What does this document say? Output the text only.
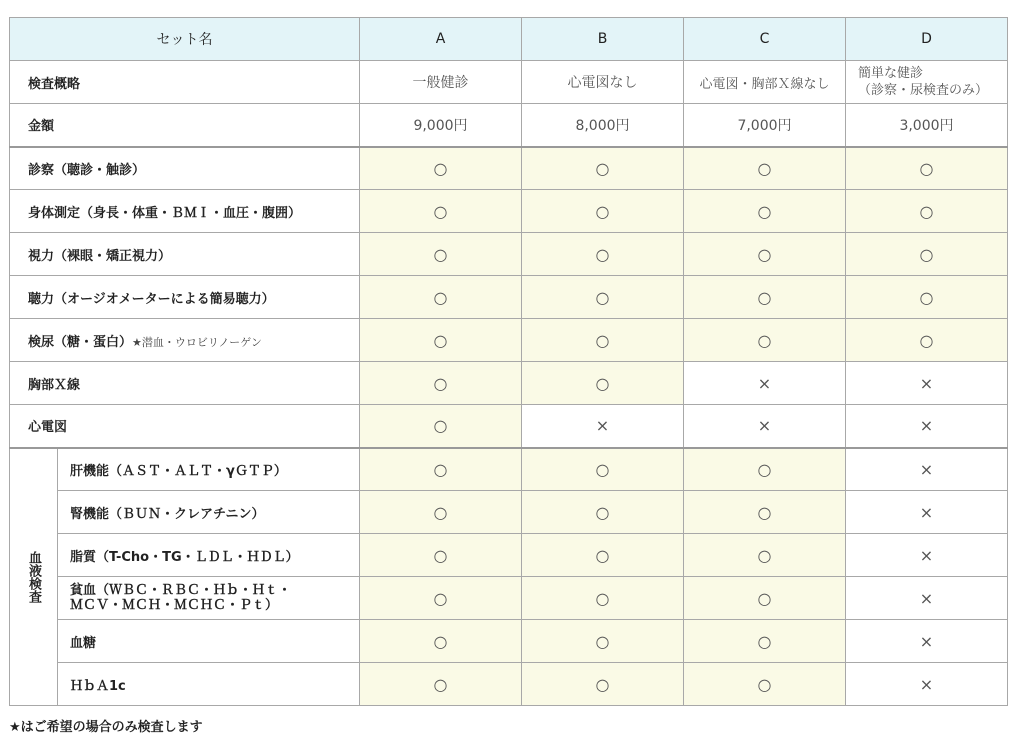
セット名		A	B	C	D
検査概略		一般健診	心電図なし	心電図・胸部Ｘ線なし	簡単な健診
（診察・尿検査のみ）

金額		9,000円	8,000円	7,000円	3,000円
診察（聴診・触診）		○	○	○	○
身体測定（身長・体重・ＢＭＩ・血圧・腹囲）		○	○	○	○
視力（裸眼・矯正視力）		○	○	○	○
聴力（オージオメーターによる簡易聴力）		○	○	○	○
検尿（糖・蛋白）★潜血・ウロビリノーゲン		○	○	○	○
胸部Ｘ線		○	○	×	×
心電図		○	×	×	×
血液検査	肝機能（ＡＳＴ・ＡＬＴ・γＧＴＰ）	○	○	○	×
	腎機能（ＢＵＮ・クレアチニン）	○	○	○	×
	脂質（T-Cho・TG・ＬＤＬ・ＨＤＬ）	○	○	○	×

	貧血（ＷＢＣ・ＲＢＣ・Ｈｂ・Ｈｔ・
ＭＣＶ・ＭＣＨ・ＭＣＨＣ・Ｐｔ）	○	○	○	×
	血糖	○	○	○	×
	ＨｂＡ1c	○	○	○	×
★はご希望の場合のみ検査します
